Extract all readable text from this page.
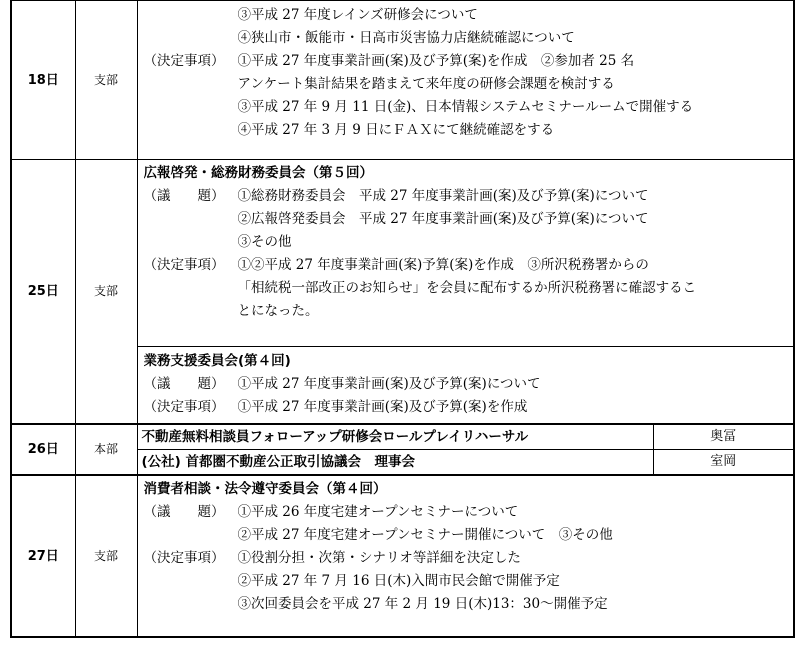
18日	支部	
③平成 27 年度レインズ研修会について
④狭山市・飯能市・日高市災害協力店継続確認について
（決定事項） ①平成 27 年度事業計画(案)及び予算(案)を作成　②参加者 25 名
アンケート集計結果を踏まえて来年度の研修会課題を検討する
③平成 27 年 9 月 11 日(金)、日本情報システムセミナールームで開催する
④平成 27 年 3 月 9 日にＦＡＸにて継続確認をする

25日	支部	
広報啓発・総務財務委員会（第５回）
（議　　題） ①総務財務委員会　平成 27 年度事業計画(案)及び予算(案)について
②広報啓発委員会　平成 27 年度事業計画(案)及び予算(案)について
③その他
（決定事項） ①②平成 27 年度事業計画(案)予算(案)を作成　③所沢税務署からの
「相続税一部改正のお知らせ」を会員に配布するか所沢税務署に確認するこ
とになった。

業務支援委員会(第４回)
（議　　題） ①平成 27 年度事業計画(案)及び予算(案)について
（決定事項） ①平成 27 年度事業計画(案)及び予算(案)を作成

26日	本部	
不動産無料相談員フォローアップ研修会ロールプレイリハーサル	奥冨
(公社) 首都圏不動産公正取引協議会　理事会	室岡

27日	支部	
消費者相談・法令遵守委員会（第４回）
（議　　題） ①平成 26 年度宅建オープンセミナーについて
②平成 27 年度宅建オープンセミナー開催について　③その他
（決定事項） ①役割分担・次第・シナリオ等詳細を決定した
②平成 27 年 7 月 16 日(木)入間市民会館で開催予定
③次回委員会を平成 27 年 2 月 19 日(木)13：30～開催予定
